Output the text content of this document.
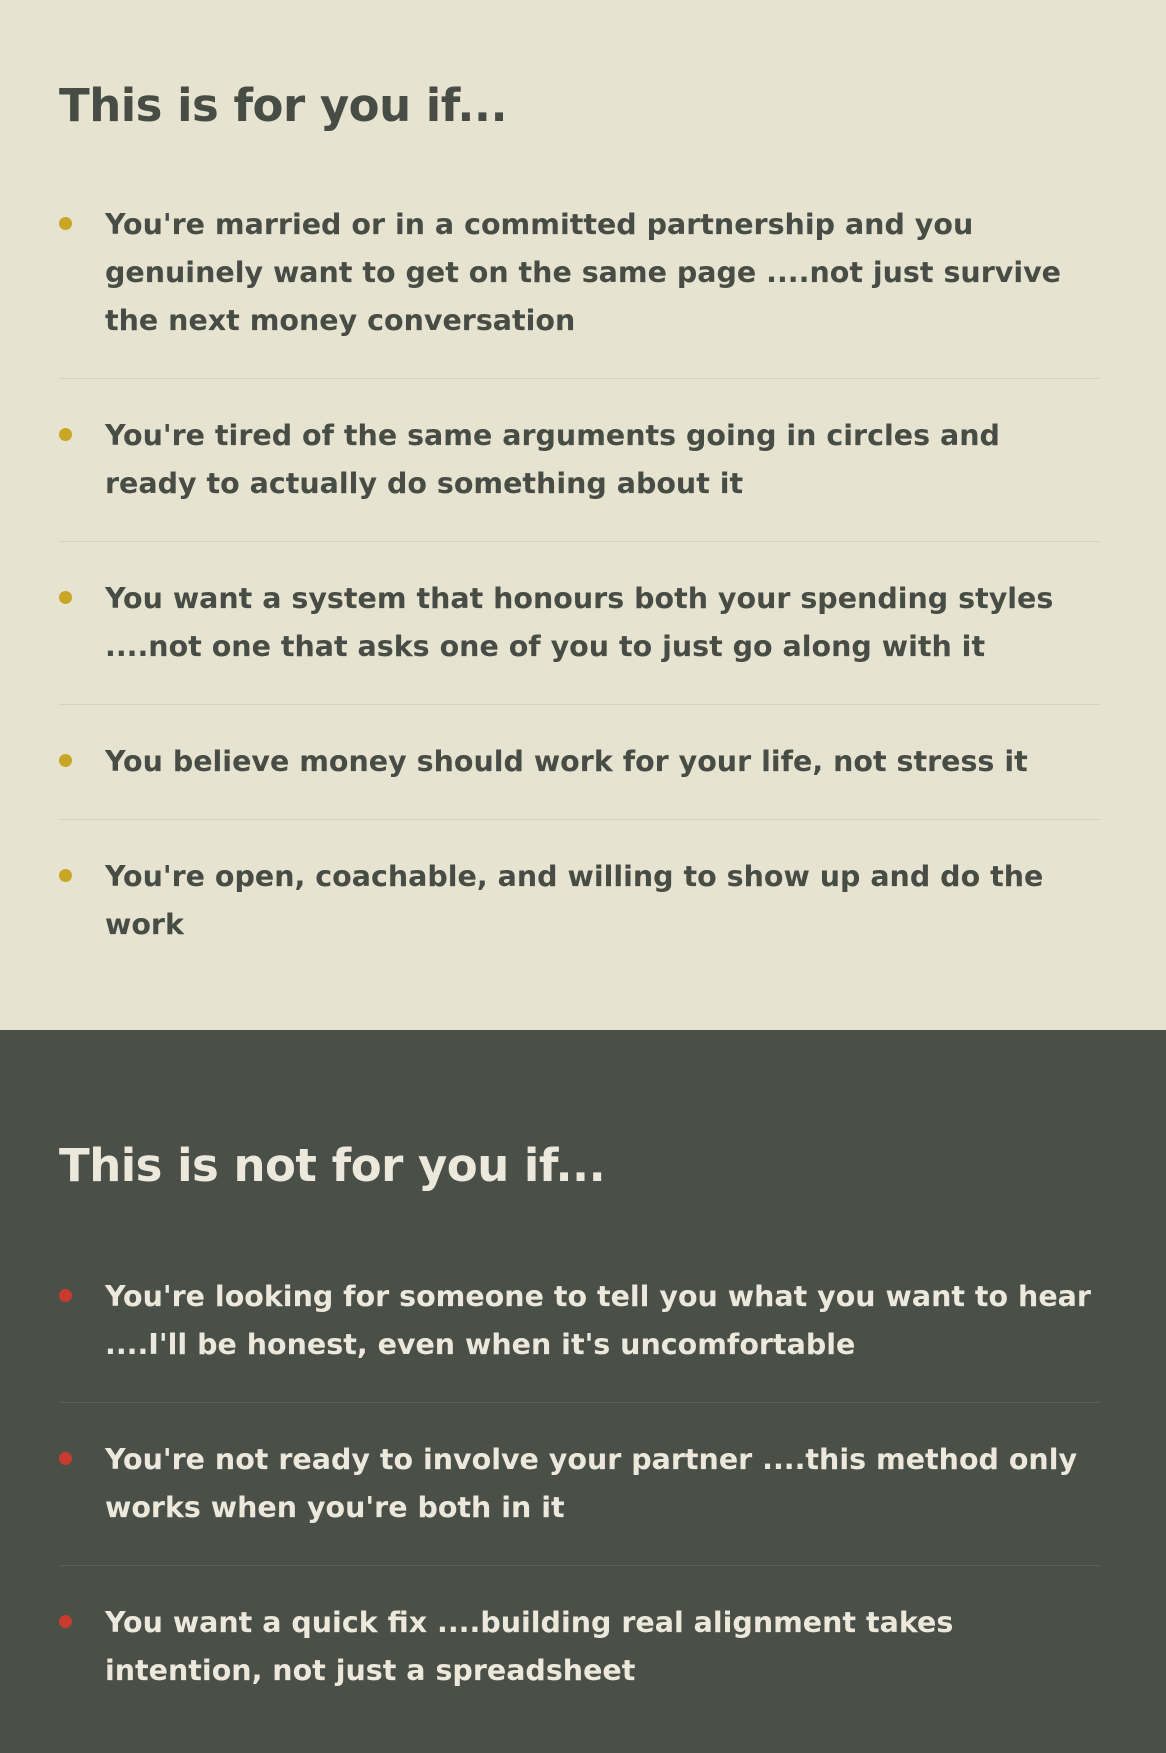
This is for you if...
You're married or in a committed partnership and you genuinely want to get on the same page ....not just survive the next money conversation
You're tired of the same arguments going in circles and ready to actually do something about it
You want a system that honours both your spending styles ....not one that asks one of you to just go along with it
You believe money should work for your life, not stress it
You're open, coachable, and willing to show up and do the work
This is not for you if...
You're looking for someone to tell you what you want to hear ....I'll be honest, even when it's uncomfortable
You're not ready to involve your partner ....this method only works when you're both in it
You want a quick fix ....building real alignment takes intention, not just a spreadsheet
